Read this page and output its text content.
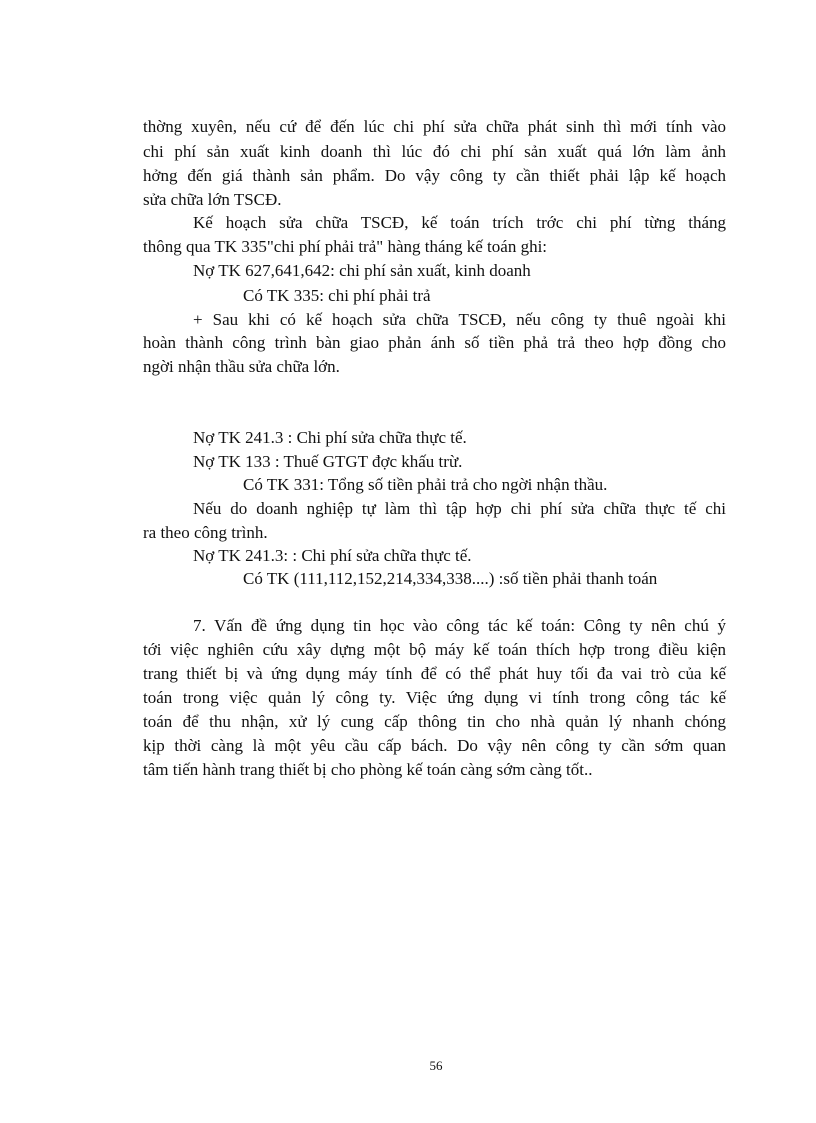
thờng xuyên, nếu cứ để đến lúc chi phí sửa chữa phát sinh thì mới tính vào
chi phí sản xuất kinh doanh thì lúc đó chi phí sản xuất quá lớn làm ảnh
hởng đến giá thành sản phẩm. Do vậy công ty cần thiết phải lập kế hoạch
sửa chữa lớn TSCĐ.
Kế hoạch sửa chữa TSCĐ, kế toán trích trớc chi phí từng tháng
thông qua TK 335"chi phí phải trả" hàng tháng kế toán ghi:
Nợ TK 627,641,642: chi phí sản xuất, kinh doanh
Có TK 335: chi phí phải trả
+ Sau khi có kế hoạch sửa chữa TSCĐ, nếu công ty thuê ngoài khi
hoàn thành công trình bàn giao phản ánh số tiền phả trả theo hợp đồng cho
ngời nhận thầu sửa chữa lớn.
Nợ TK 241.3 : Chi phí sửa chữa thực tế.
Nợ TK 133 : Thuế GTGT đợc khấu trừ.
Có TK 331: Tổng số tiền phải trả cho ngời nhận thầu.
Nếu do doanh nghiệp tự làm thì tập hợp chi phí sửa chữa thực tế chi
ra theo công trình.
Nợ TK 241.3: : Chi phí sửa chữa thực tế.
Có TK (111,112,152,214,334,338....) :số tiền phải thanh toán
7. Vấn đề ứng dụng tin học vào công tác kế toán: Công ty nên chú ý
tới việc nghiên cứu xây dựng một bộ máy kế toán thích hợp trong điều kiện
trang thiết bị và ứng dụng máy tính để có thể phát huy tối đa vai trò của kế
toán trong việc quản lý công ty. Việc ứng dụng vi tính trong công tác kế
toán để thu nhận, xử lý cung cấp thông tin cho nhà quản lý nhanh chóng
kịp thời càng là một yêu cầu cấp bách. Do vậy nên công ty cần sớm quan
tâm tiến hành trang thiết bị cho phòng kế toán càng sớm càng tốt..
56
